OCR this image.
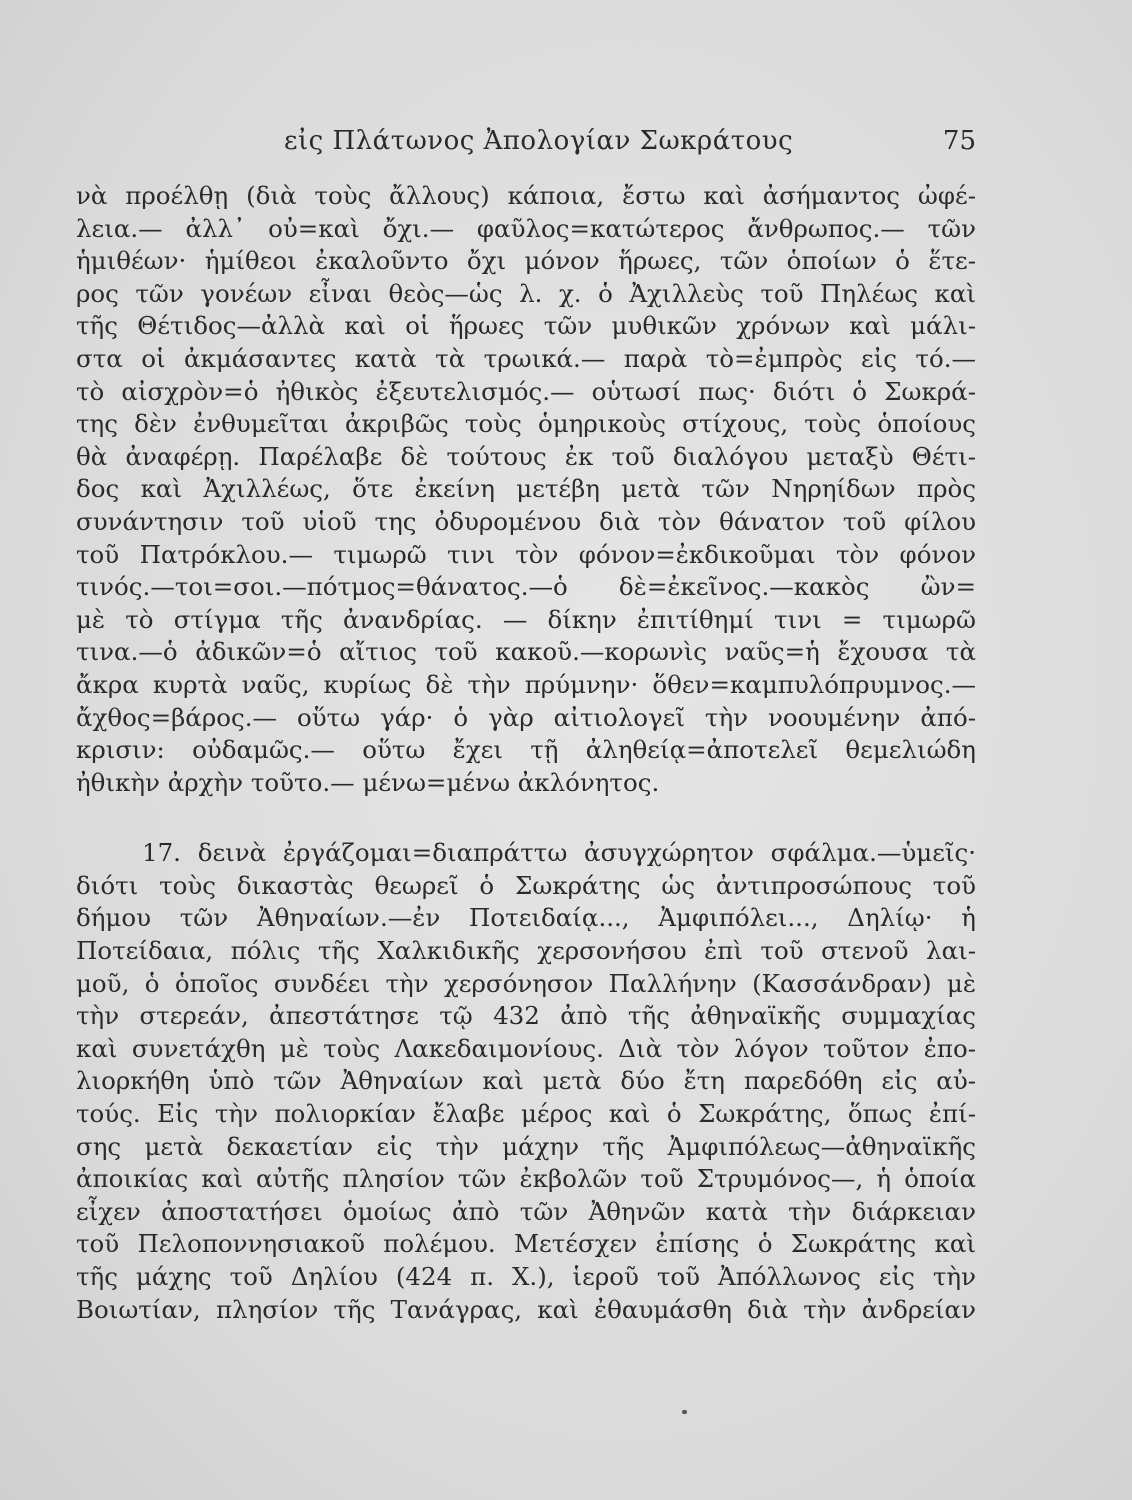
εἰς Πλάτωνος Ἀπολογίαν Σωκράτους	75
νὰ προέλθῃ (διὰ τοὺς ἄλλους) κάποια, ἔστω καὶ ἀσήμαντος ὠφέ-
λεια.— ἀλλ᾽ οὐ=καὶ ὄχι.— φαῦλος=κατώτερος ἄνθρωπος.— τῶν
ἡμιθέων· ἡμίθεοι ἐκαλοῦντο ὄχι μόνον ἥρωες, τῶν ὁποίων ὁ ἕτε-
ρος τῶν γονέων εἶναι θεὸς—ὡς λ. χ. ὁ Ἀχιλλεὺς τοῦ Πηλέως καὶ
τῆς Θέτιδος—ἀλλὰ καὶ οἱ ἥρωες τῶν μυθικῶν χρόνων καὶ μάλι-
στα οἱ ἀκμάσαντες κατὰ τὰ τρωικά.— παρὰ τὸ=ἐμπρὸς εἰς τό.—
τὸ αἰσχρὸν=ὁ ἠθικὸς ἐξευτελισμός.— οὑτωσί πως· διότι ὁ Σωκρά-
της δὲν ἐνθυμεῖται ἀκριβῶς τοὺς ὁμηρικοὺς στίχους, τοὺς ὁποίους
θὰ ἀναφέρῃ. Παρέλαβε δὲ τούτους ἐκ τοῦ διαλόγου μεταξὺ Θέτι-
δος καὶ Ἀχιλλέως, ὅτε ἐκείνη μετέβη μετὰ τῶν Νηρηίδων πρὸς
συνάντησιν τοῦ υἱοῦ της ὀδυρομένου διὰ τὸν θάνατον τοῦ φίλου
τοῦ Πατρόκλου.— τιμωρῶ τινι τὸν φόνον=ἐκδικοῦμαι τὸν φόνον
τινός.—τοι=σοι.—πότμος=θάνατος.—ὁ δὲ=ἐκεῖνος.—κακὸς ὢν=
μὲ τὸ στίγμα τῆς ἀνανδρίας. — δίκην ἐπιτίθημί τινι = τιμωρῶ
τινα.—ὁ ἀδικῶν=ὁ αἴτιος τοῦ κακοῦ.—κορωνὶς ναῦς=ἡ ἔχουσα τὰ
ἄκρα κυρτὰ ναῦς, κυρίως δὲ τὴν πρύμνην· ὅθεν=καμπυλόπρυμνος.—
ἄχθος=βάρος.— οὕτω γάρ· ὁ γὰρ αἰτιολογεῖ τὴν νοουμένην ἀπό-
κρισιν: οὐδαμῶς.— οὕτω ἔχει τῇ ἀληθείᾳ=ἀποτελεῖ θεμελιώδη
ἠθικὴν ἀρχὴν τοῦτο.— μένω=μένω ἀκλόνητος.
17. δεινὰ ἐργάζομαι=διαπράττω ἀσυγχώρητον σφάλμα.—ὑμεῖς·
διότι τοὺς δικαστὰς θεωρεῖ ὁ Σωκράτης ὡς ἀντιπροσώπους τοῦ
δήμου τῶν Ἀθηναίων.—ἐν Ποτειδαίᾳ..., Ἀμφιπόλει..., Δηλίῳ· ἡ
Ποτείδαια, πόλις τῆς Χαλκιδικῆς χερσονήσου ἐπὶ τοῦ στενοῦ λαι-
μοῦ, ὁ ὁποῖος συνδέει τὴν χερσόνησον Παλλήνην (Κασσάνδραν) μὲ
τὴν στερεάν, ἀπεστάτησε τῷ 432 ἀπὸ τῆς ἀθηναϊκῆς συμμαχίας
καὶ συνετάχθη μὲ τοὺς Λακεδαιμονίους. Διὰ τὸν λόγον τοῦτον ἐπο-
λιορκήθη ὑπὸ τῶν Ἀθηναίων καὶ μετὰ δύο ἔτη παρεδόθη εἰς αὐ-
τούς. Εἰς τὴν πολιορκίαν ἔλαβε μέρος καὶ ὁ Σωκράτης, ὅπως ἐπί-
σης μετὰ δεκαετίαν εἰς τὴν μάχην τῆς Ἀμφιπόλεως—ἀθηναϊκῆς
ἀποικίας καὶ αὐτῆς πλησίον τῶν ἐκβολῶν τοῦ Στρυμόνος—, ἡ ὁποία
εἶχεν ἀποστατήσει ὁμοίως ἀπὸ τῶν Ἀθηνῶν κατὰ τὴν διάρκειαν
τοῦ Πελοποννησιακοῦ πολέμου. Μετέσχεν ἐπίσης ὁ Σωκράτης καὶ
τῆς μάχης τοῦ Δηλίου (424 π. Χ.), ἱεροῦ τοῦ Ἀπόλλωνος εἰς τὴν
Βοιωτίαν, πλησίον τῆς Τανάγρας, καὶ ἐθαυμάσθη διὰ τὴν ἀνδρείαν
